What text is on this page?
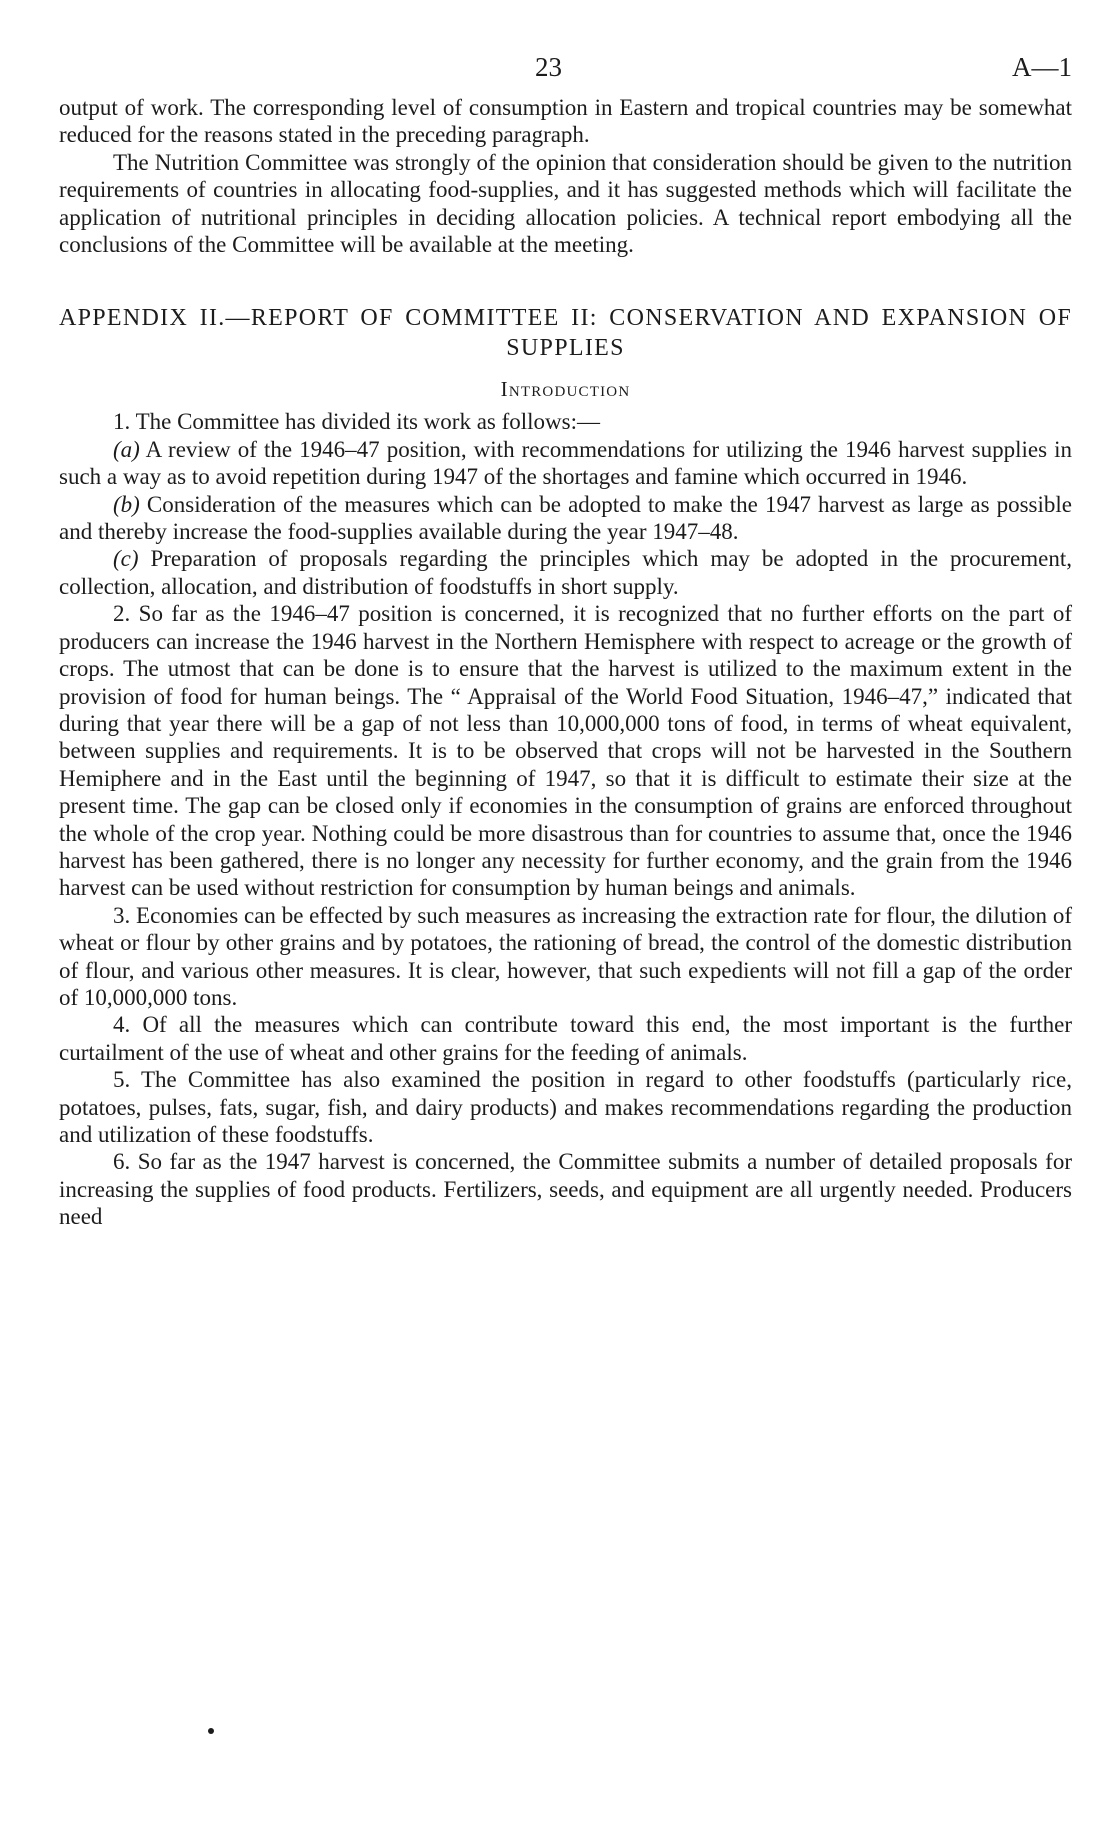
23	A—1

output of work. The corresponding level of consumption in Eastern and tropical countries may be somewhat reduced for the reasons stated in the preceding paragraph.

The Nutrition Committee was strongly of the opinion that consideration should be given to the nutrition requirements of countries in allocating food-supplies, and it has suggested methods which will facilitate the application of nutritional principles in deciding allocation policies. A technical report embodying all the conclusions of the Committee will be available at the meeting.

APPENDIX II.—REPORT OF COMMITTEE II: CONSERVATION AND EXPANSION OF SUPPLIES
Introduction

1. The Committee has divided its work as follows:—

(a) A review of the 1946–47 position, with recommendations for utilizing the 1946 harvest supplies in such a way as to avoid repetition during 1947 of the shortages and famine which occurred in 1946.

(b) Consideration of the measures which can be adopted to make the 1947 harvest as large as possible and thereby increase the food-supplies available during the year 1947–48.

(c) Preparation of proposals regarding the principles which may be adopted in the procurement, collection, allocation, and distribution of foodstuffs in short supply.

2. So far as the 1946–47 position is concerned, it is recognized that no further efforts on the part of producers can increase the 1946 harvest in the Northern Hemisphere with respect to acreage or the growth of crops. The utmost that can be done is to ensure that the harvest is utilized to the maximum extent in the provision of food for human beings. The “ Appraisal of the World Food Situation, 1946–47,” indicated that during that year there will be a gap of not less than 10,000,000 tons of food, in terms of wheat equivalent, between supplies and requirements. It is to be observed that crops will not be harvested in the Southern Hemiphere and in the East until the beginning of 1947, so that it is difficult to estimate their size at the present time. The gap can be closed only if economies in the consumption of grains are enforced throughout the whole of the crop year. Nothing could be more disastrous than for countries to assume that, once the 1946 harvest has been gathered, there is no longer any necessity for further economy, and the grain from the 1946 harvest can be used without restriction for consumption by human beings and animals.

3. Economies can be effected by such measures as increasing the extraction rate for flour, the dilution of wheat or flour by other grains and by potatoes, the rationing of bread, the control of the domestic distribution of flour, and various other measures. It is clear, however, that such expedients will not fill a gap of the order of 10,000,000 tons.

4. Of all the measures which can contribute toward this end, the most important is the further curtailment of the use of wheat and other grains for the feeding of animals.

5. The Committee has also examined the position in regard to other foodstuffs (particularly rice, potatoes, pulses, fats, sugar, fish, and dairy products) and makes recommendations regarding the production and utilization of these foodstuffs.

6. So far as the 1947 harvest is concerned, the Committee submits a number of detailed proposals for increasing the supplies of food products. Fertilizers, seeds, and equipment are all urgently needed. Producers need
